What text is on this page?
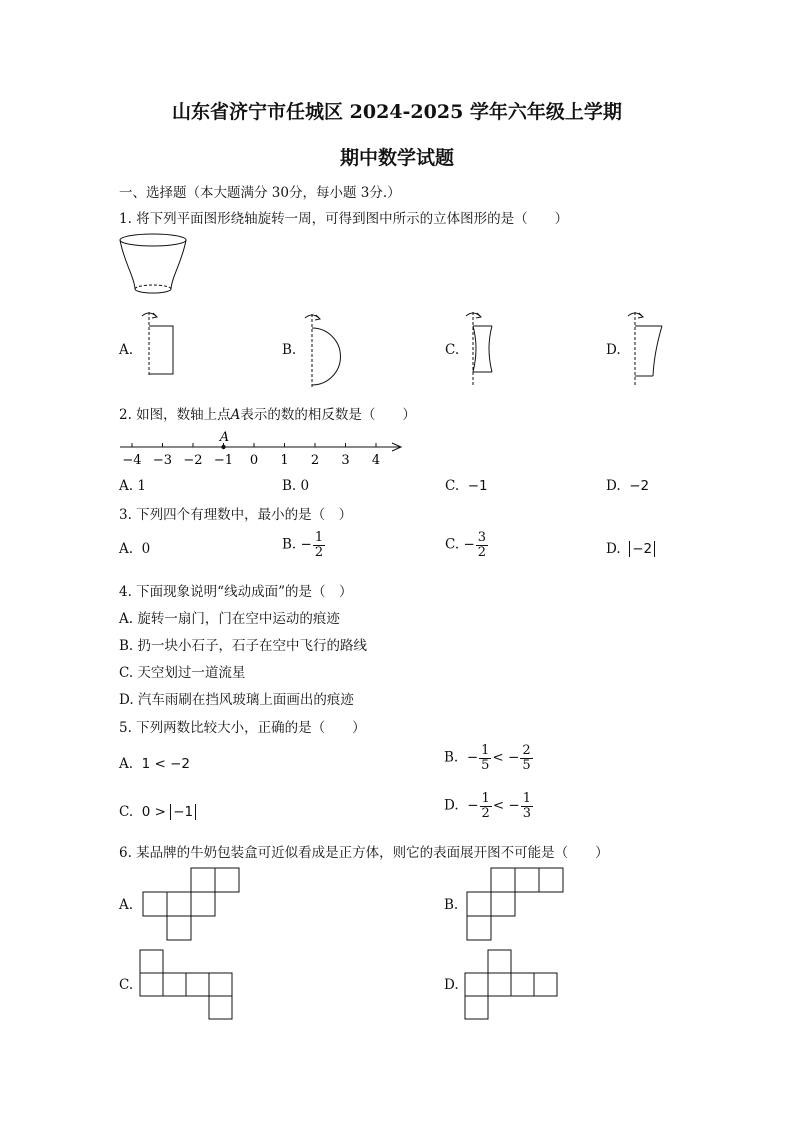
山东省济宁市任城区 2024-2025 学年六年级上学期
期中数学试题
一、选择题（本大题满分 30分，每小题 3分.）
1. 将下列平面图形绕轴旋转一周，可得到图中所示的立体图形的是（　　）
A.	B.	C.	D.
2. 如图，数轴上点A表示的数的相反数是（　　）
−4 −3 −2 −1 0 1 2 3 4
A
A. 1	B. 0	C. −1	D. −2
3. 下列四个有理数中，最小的是（　）
A. 0	B. − $\frac{1}{2}$	C. − $\frac{3}{2}$	D. −2
4. 下面现象说明“线动成面”的是（　）
A. 旋转一扇门，门在空中运动的痕迹
B. 扔一块小石子，石子在空中飞行的路线
C. 天空划过一道流星
D. 汽车雨刷在挡风玻璃上面画出的痕迹
5. 下列两数比较大小，正确的是（　　）
A. 1 < −2	B. − $\frac{1}{5}$ < − $\frac{2}{5}$
C. 0 > −1	D. − $\frac{1}{2}$ < − $\frac{1}{3}$
6. 某品牌的牛奶包装盒可近似看成是正方体，则它的表面展开图不可能是（　　）
A.	B.
C.	D.
